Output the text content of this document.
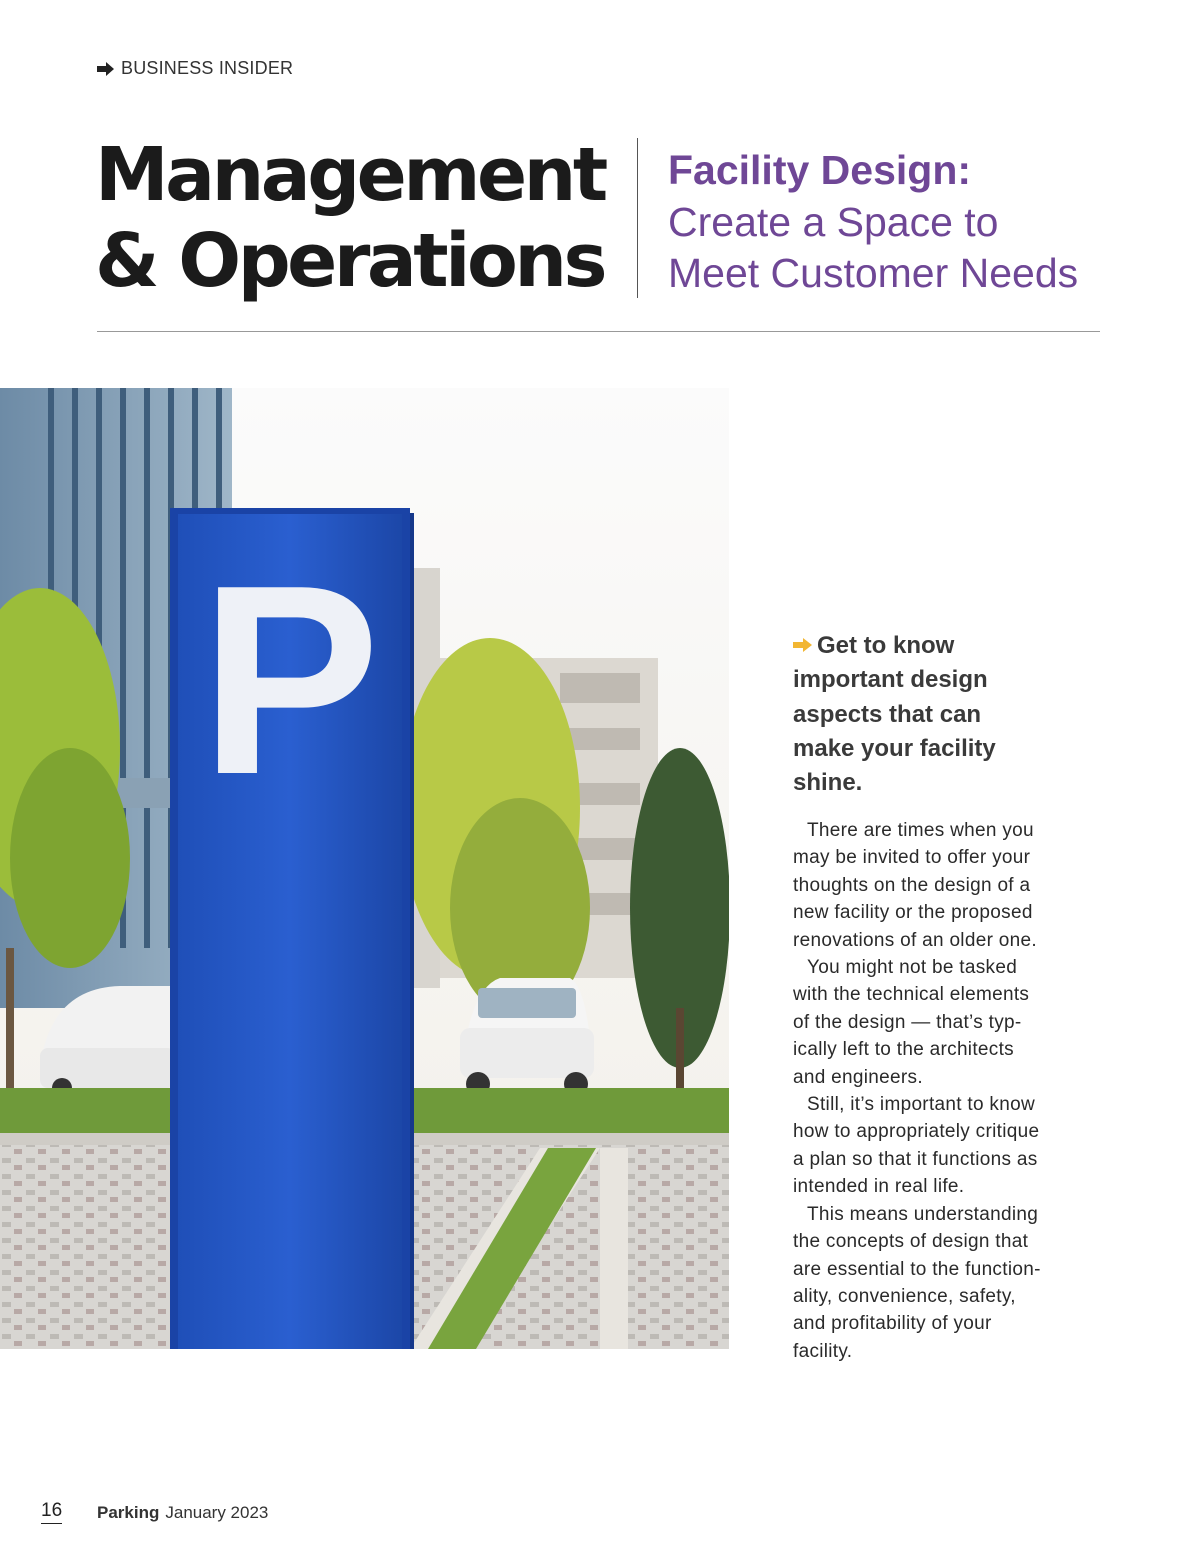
BUSINESS INSIDER
Management
& Operations
Facility Design:
Create a Space to
Meet Customer Needs
P	Get to know
important design
aspects that can
make your facility
shine.
There are times when you
may be invited to offer your
thoughts on the design of a
new facility or the proposed
renovations of an older one.
You might not be tasked
with the technical elements
of the design — that’s typ-
ically left to the architects
and engineers.
Still, it’s important to know
how to appropriately critique
a plan so that it functions as
intended in real life.
This means understanding
the concepts of design that
are essential to the function-
ality, convenience, safety,
and profitability of your
facility.
16 Parking January 2023
